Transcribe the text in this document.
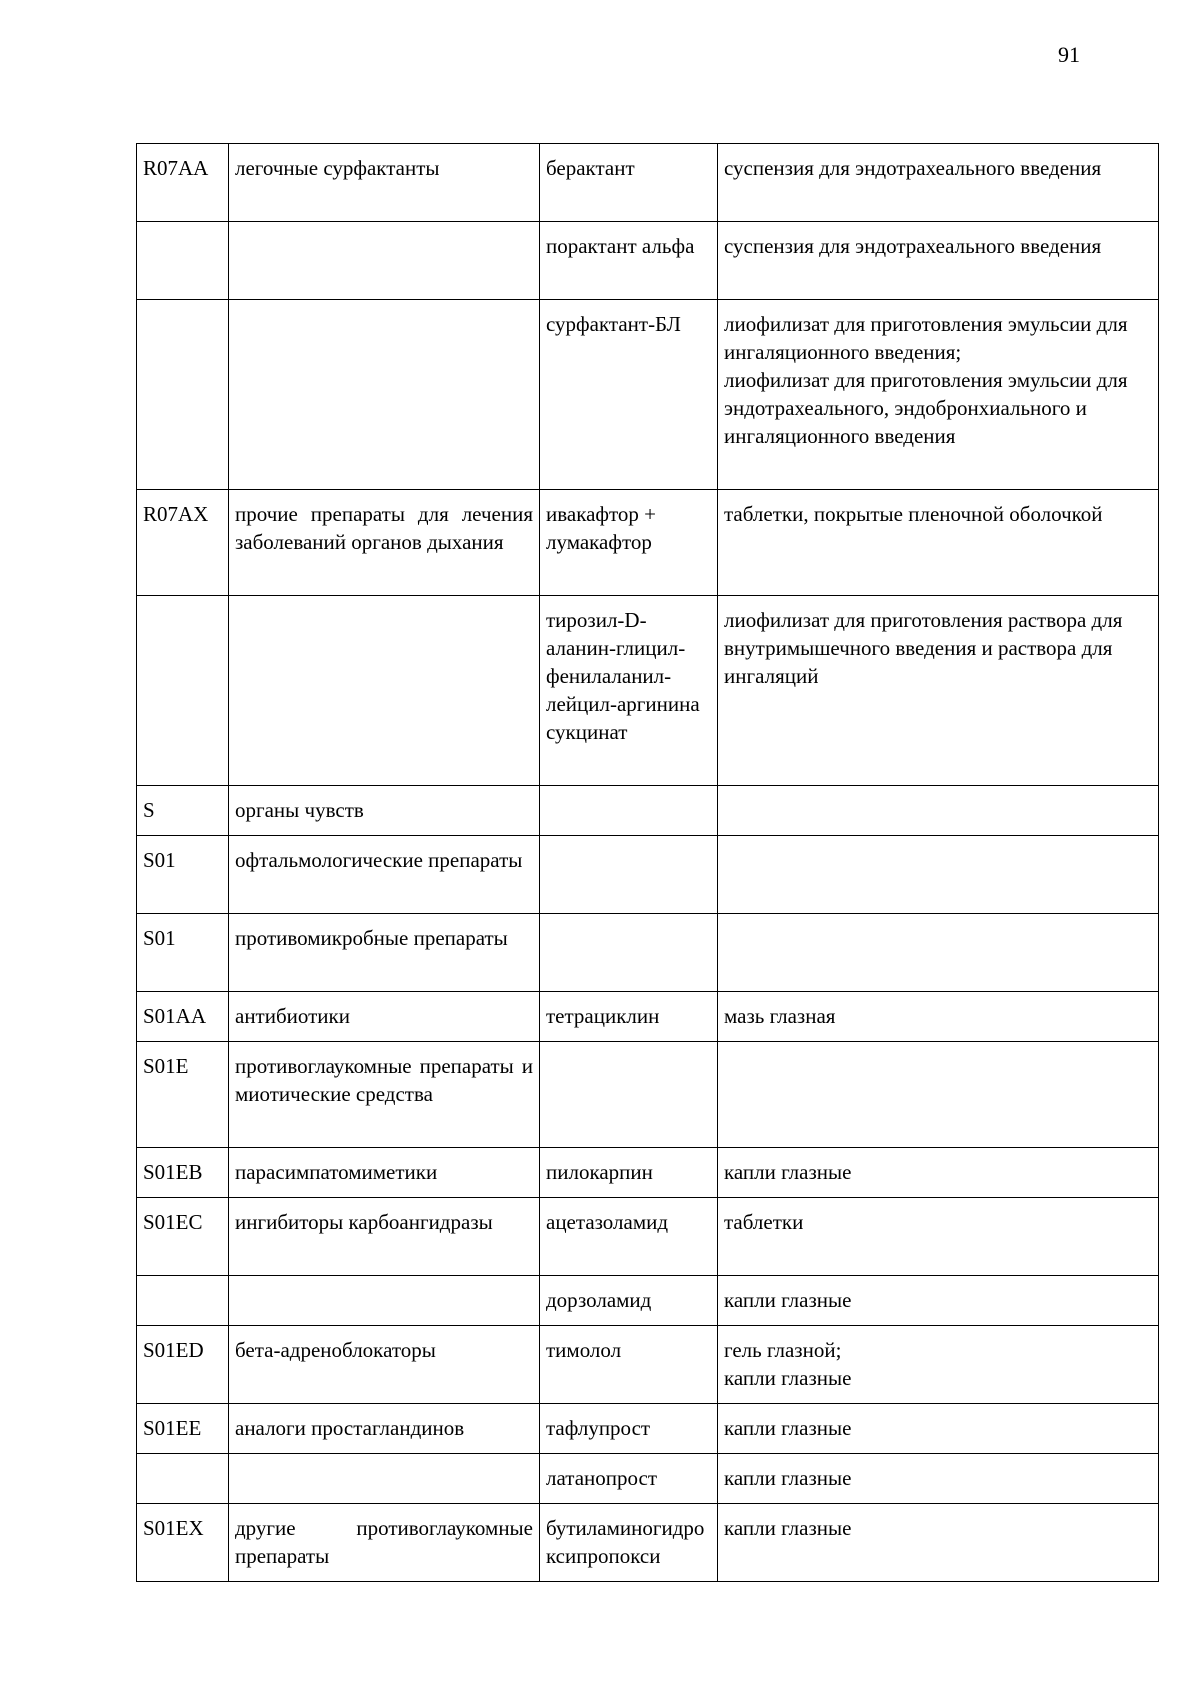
91
R07AA	легочные сурфактанты	берактант	суспензия для эндотрахеального введения
		порактант альфа	суспензия для эндотрахеального введения
		сурфактант-БЛ	лиофилизат для приготовления эмульсии для ингаляционного введения;
лиофилизат для приготовления эмульсии для эндотрахеального, эндобронхиального и ингаляционного введения
R07AX	прочие препараты для лечения заболеваний органов дыхания	ивакафтор + лумакафтор	таблетки, покрытые пленочной оболочкой
		тирозил-D-аланин-глицил-фенилаланил-лейцил-аргинина сукцинат	лиофилизат для приготовления раствора для внутримышечного введения и раствора для ингаляций
S	органы чувств		
S01	офтальмологические препараты		
S01	противомикробные препараты		
S01AA	антибиотики	тетрациклин	мазь глазная
S01E	противоглаукомные препараты и миотические средства		
S01EB	парасимпатомиметики	пилокарпин	капли глазные
S01EC	ингибиторы карбоангидразы	ацетазоламид	таблетки
		дорзоламид	капли глазные
S01ED	бета-адреноблокаторы	тимолол	гель глазной;
капли глазные
S01EE	аналоги простагландинов	тафлупрост	капли глазные
		латанопрост	капли глазные
S01EX	другие противоглаукомные препараты	бутиламиногидроксипропокси	капли глазные
